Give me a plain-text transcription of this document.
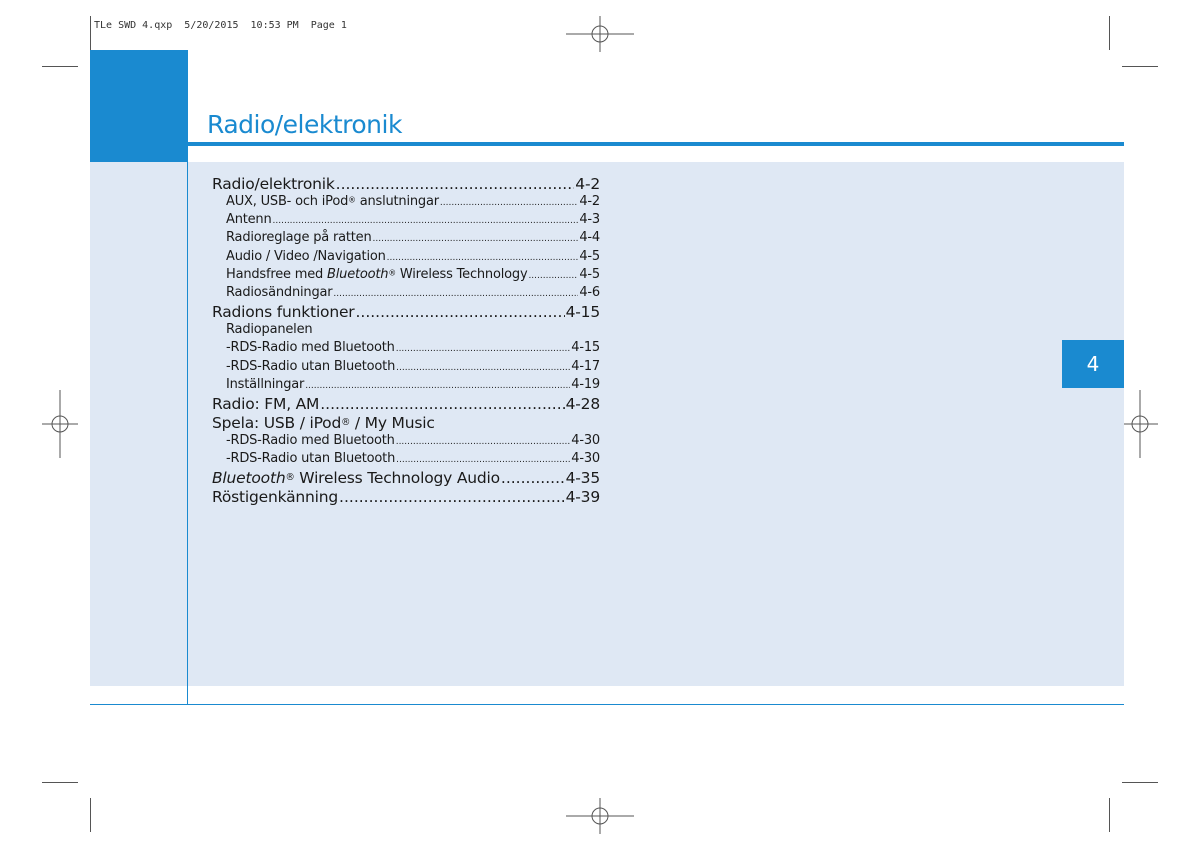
TLe SWD 4.qxp  5/20/2015  10:53 PM  Page 1
Radio/elektronik
4
Radio/elektronik .....	4-2
AUX, USB- och iPod® anslutningar .....	4-2
Antenn .....	4-3
Radioreglage på ratten .....	4-4
Audio / Video /Navigation .....	4-5
Handsfree med Bluetooth® Wireless Technology .....	4-5
Radiosändningar .....	4-6
Radions funktioner .....	4-15
Radiopanelen
-RDS-Radio med Bluetooth .....	4-15
-RDS-Radio utan Bluetooth .....	4-17
Inställningar .....	4-19
Radio: FM, AM .....	4-28
Spela: USB / iPod® / My Music
-RDS-Radio med Bluetooth .....	4-30
-RDS-Radio utan Bluetooth .....	4-30
Bluetooth® Wireless Technology Audio .....	4-35
Röstigenkänning .....	4-39
